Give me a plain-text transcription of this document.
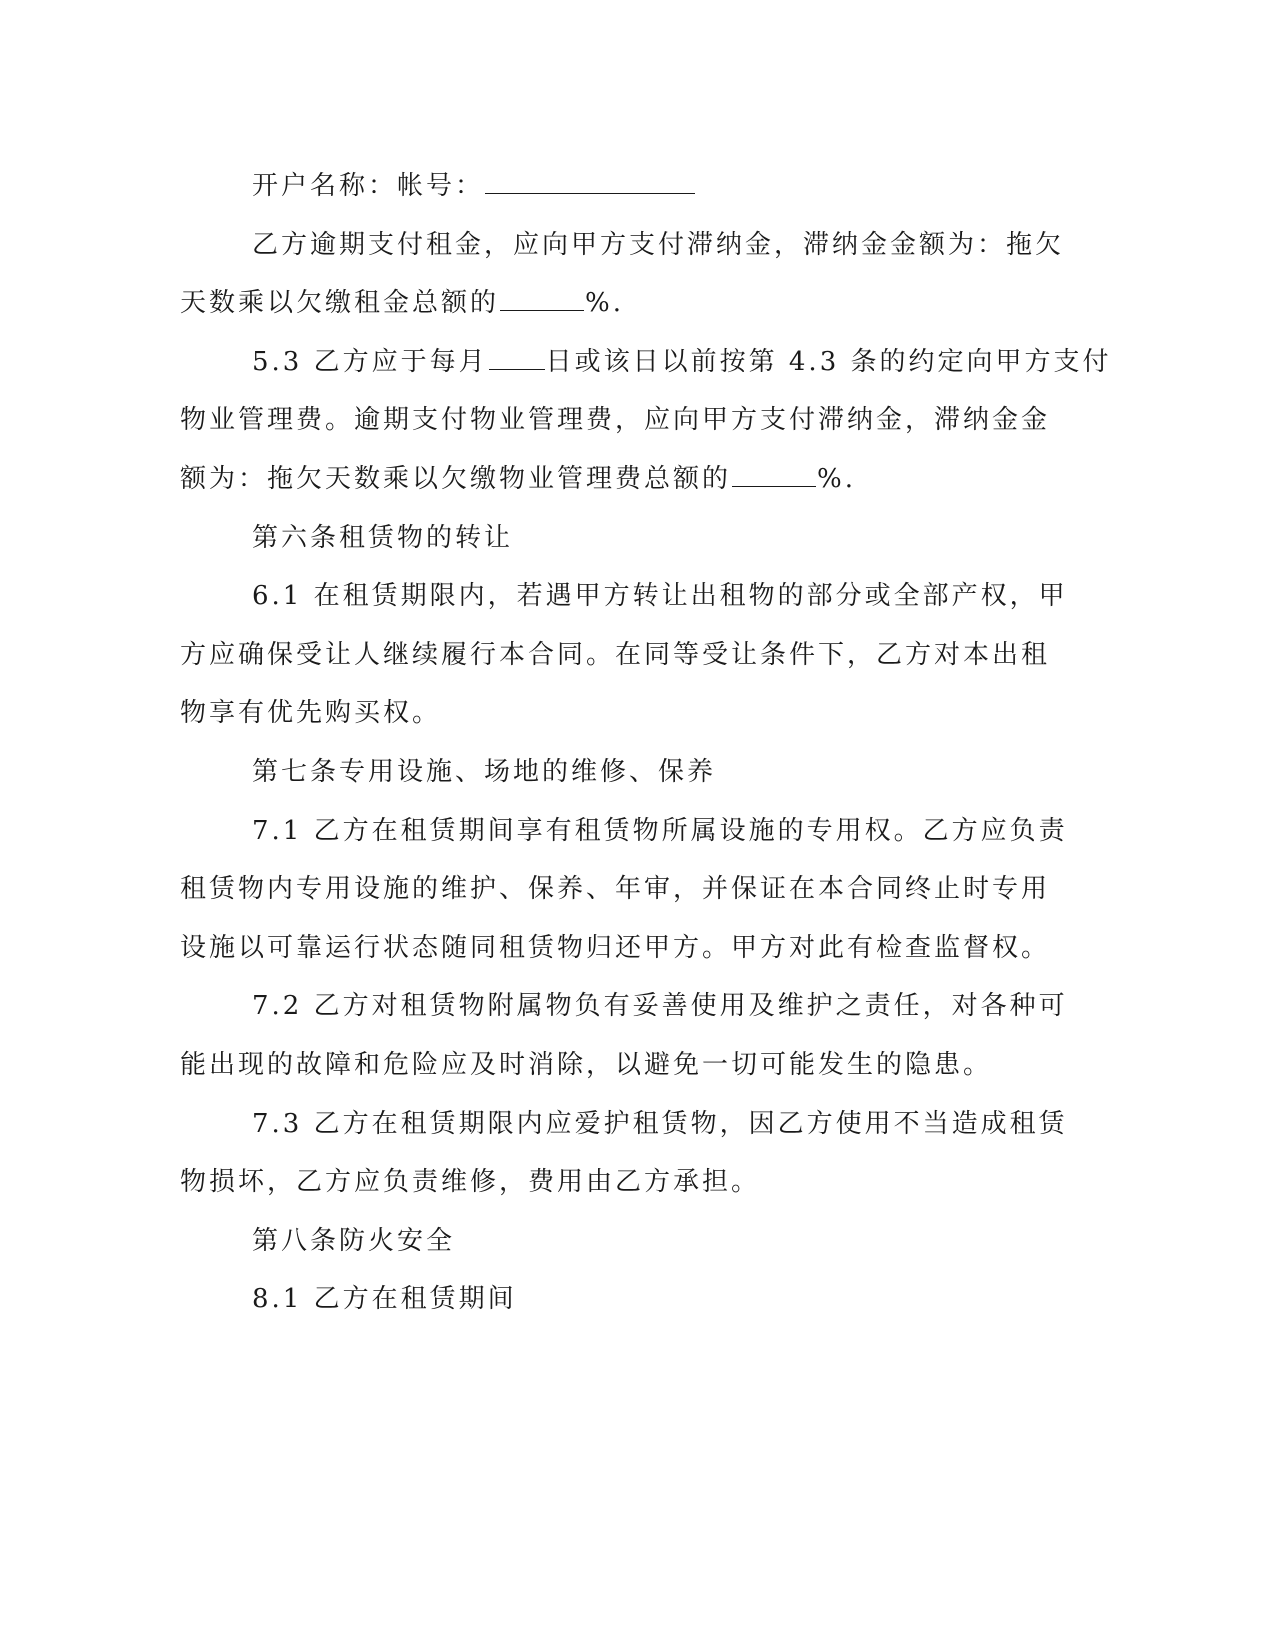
开户名称：帐号：

乙方逾期支付租金，应向甲方支付滞纳金，滞纳金金额为：拖欠
天数乘以欠缴租金总额的	%.

5.3 乙方应于每月 日或该日以前按第 4.3 条的约定向甲方支付
物业管理费。逾期支付物业管理费，应向甲方支付滞纳金，滞纳金金
额为：拖欠天数乘以欠缴物业管理费总额的	%.

第六条租赁物的转让

6.1 在租赁期限内，若遇甲方转让出租物的部分或全部产权，甲
方应确保受让人继续履行本合同。在同等受让条件下，乙方对本出租
物享有优先购买权。

第七条专用设施、场地的维修、保养

7.1 乙方在租赁期间享有租赁物所属设施的专用权。乙方应负责
租赁物内专用设施的维护、保养、年审，并保证在本合同终止时专用
设施以可靠运行状态随同租赁物归还甲方。甲方对此有检查监督权。

7.2 乙方对租赁物附属物负有妥善使用及维护之责任，对各种可
能出现的故障和危险应及时消除，以避免一切可能发生的隐患。

7.3 乙方在租赁期限内应爱护租赁物，因乙方使用不当造成租赁
物损坏，乙方应负责维修，费用由乙方承担。

第八条防火安全

8.1 乙方在租赁期间
